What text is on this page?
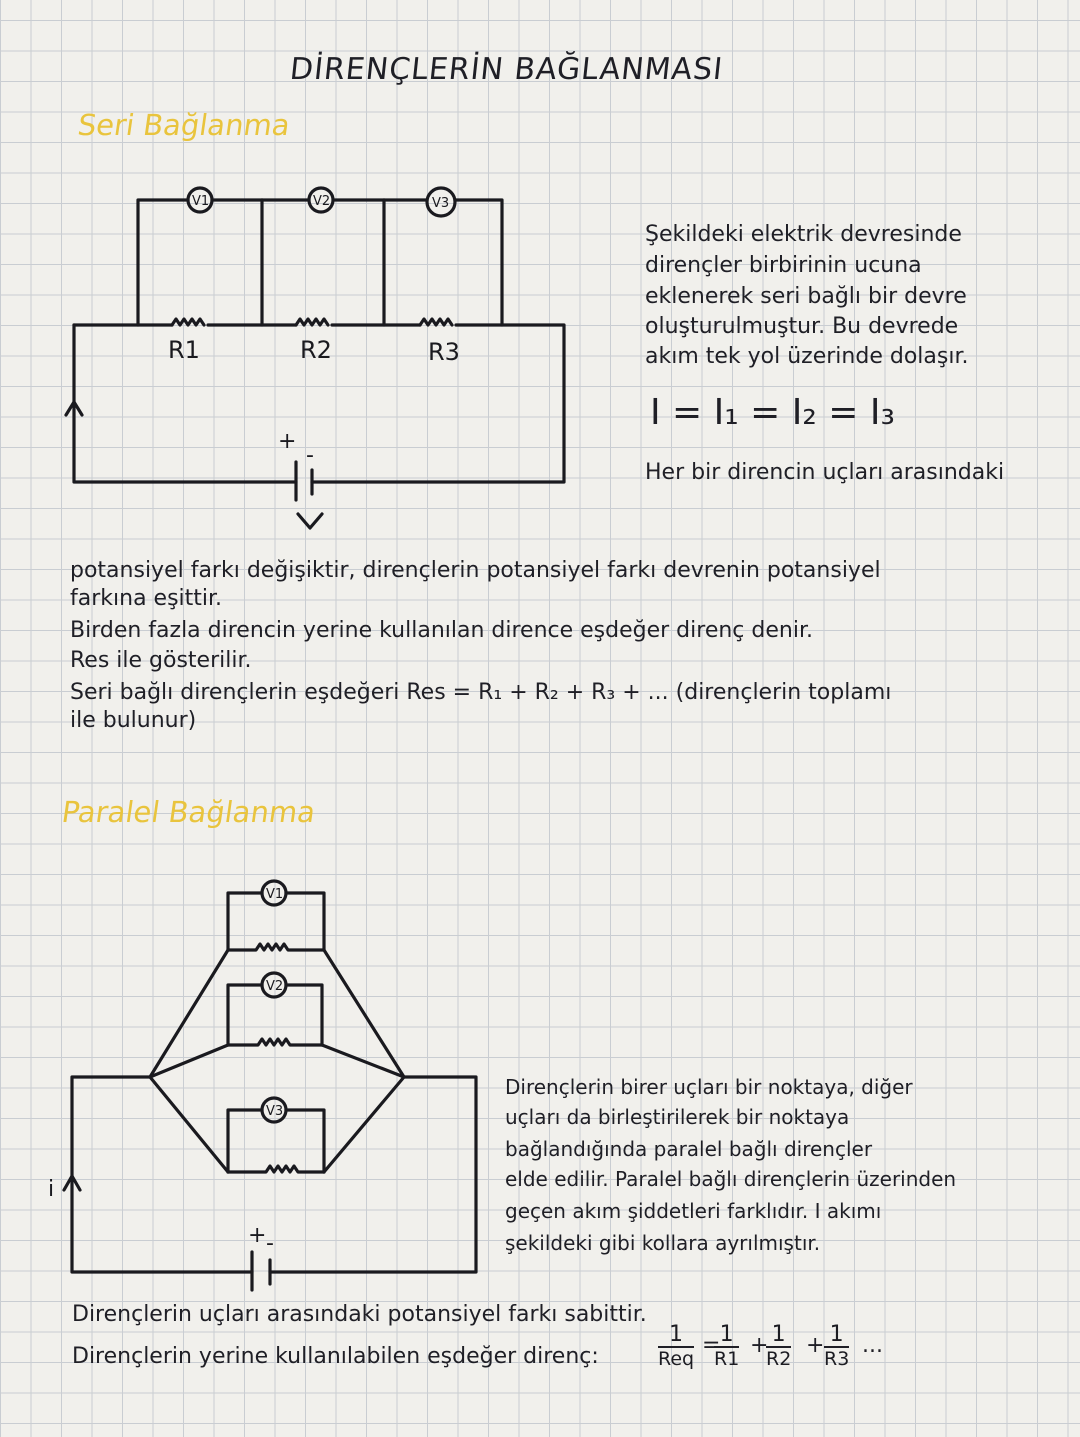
DİRENÇLERİN BAĞLANMASI
Seri Bağlanma
Paralel Bağlanma
V1	V2	V3
+
-
R1	R2	R3
i
+ -
V1
V2
V3
Şekildeki elektrik devresinde
dirençler birbirinin ucuna
eklenerek seri bağlı bir devre
oluşturulmuştur. Bu devrede
akım tek yol üzerinde dolaşır.
I = I₁ = I₂ = I₃
Her bir direncin uçları arasındaki
potansiyel farkı değişiktir, dirençlerin potansiyel farkı devrenin potansiyel
farkına eşittir.
Birden fazla direncin yerine kullanılan dirence eşdeğer direnç denir.
Res ile gösterilir.
Seri bağlı dirençlerin eşdeğeri Res = R₁ + R₂ + R₃ + ... (dirençlerin toplamı
ile bulunur)
Dirençlerin birer uçları bir noktaya, diğer
uçları da birleştirilerek bir noktaya
bağlandığında paralel bağlı dirençler
elde edilir. Paralel bağlı dirençlerin üzerinden
geçen akım şiddetleri farklıdır. I akımı
şekildeki gibi kollara ayrılmıştır.
Dirençlerin uçları arasındaki potansiyel farkı sabittir.
Dirençlerin yerine kullanılabilen eşdeğer direnç:
1
Req
=
$\frac{1}{R1}$ +
$\frac{1}{R2} + \frac{1}{R3}$ ...
